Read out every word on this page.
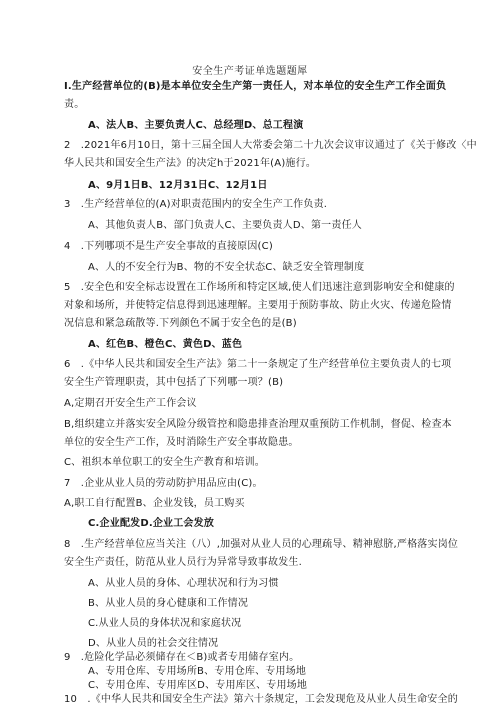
安全生产考证单选题题犀
I.生产经营单位的(B)是本单位安全生产第一责任人，对本单位的安全生产工作全面负
责。
A、法人B、主要负责人C、总经理D、总工程演
2　.2021年6月10日，第十三届全国人大常委会第二十九次会议审议通过了《关于修改〈中
华人民共和国安全生产法》的决定h于2021年(A)施行。
A、9月1日B、12月31日C、12月1日
3　.生产经营单位的(A)对职责范围内的安全生产工作负责.
A、其他负责人B、部门负责人C、主要负责人D、第一责任人
4　.下列哪项不是生产安全事故的直接原因(C)
A、人的不安全行为B、物的不安全状态C、缺乏安全管理制度
5　.安全色和安全标志设置在工作场所和特定区域,使人们迅速注意到影响安全和健康的
对象和场所，并使特定信息得到迅速理解。主要用于预防事故、防止火灾、传递危险情
况信息和紧急疏散等.下列颜色不属于安全色的是(B)
A、红色B、橙色C、黄色D、蓝色
6　.《中华人民共和国安全生产法》第二十一条规定了生产经营单位主要负责人的七项
安全生产管理职责，其中包括了下列哪一项？(B)
A,定期召开安全生产工作会议
B,组织建立并落实安全风险分级管控和隐患排查治理双重预防工作机制，督促、检查本
单位的安全生产工作，及时消除生产安全事故隐患。
C、祖织本单位职工的安全生产教育和培训。
7　.企业从业人员的劳动防护用品应由(C)。
A,职工自行配置B、企业发钱，员工购买
C.企业配发D.企业工会发放
8　.生产经营单位应当关注（八）,加强对从业人员的心理疏导、精神慰脐,严格落实岗位
安全生产责任，防范从业人员行为异常导致事故发生.
A、从业人员的身体、心理状况和行为习惯
B、从业人员的身心健康和工作情况
C.从业人员的身体状况和家庭状况
D、从业人员的社会交往情况
9　.危险化学品必须储存在＜B)或者专用储存室内。
A、专用仓库、专用场所B、专用仓库、专用场地
C、专用仓库、专用库区D、专用库区、专用场地
10　.《中华人民共和国安全生产法》第六十条规定，工会发现危及从业人员生命安全的
